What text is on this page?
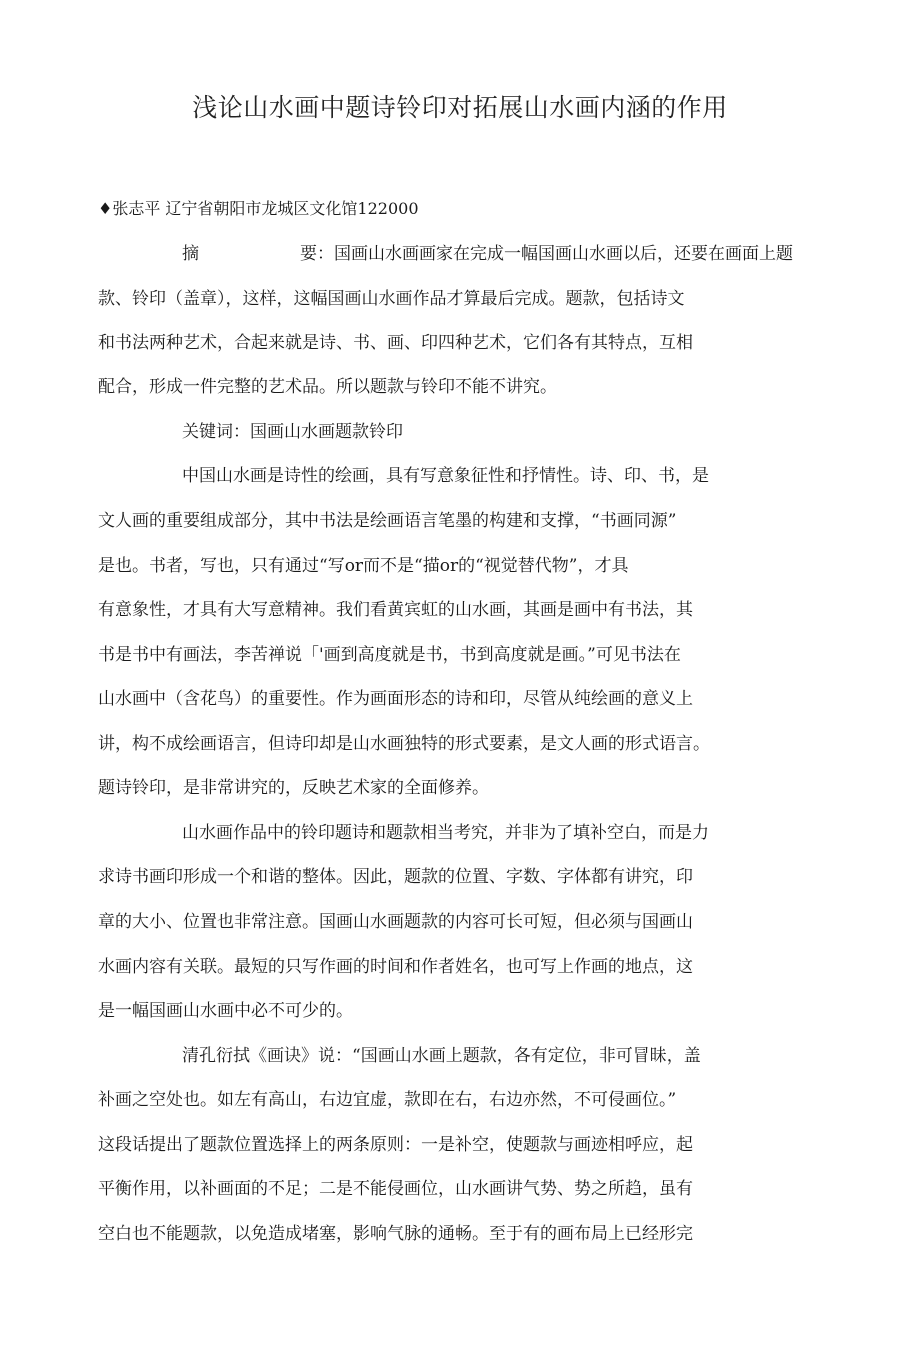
浅论山水画中题诗铃印对拓展山水画内涵的作用
♦张志平 辽宁省朝阳市龙城区文化馆122000
摘	要：国画山水画画家在完成一幅国画山水画以后，还要在画面上题
款、铃印（盖章），这样，这幅国画山水画作品才算最后完成。题款，包括诗文
和书法两种艺术，合起来就是诗、书、画、印四种艺术，它们各有其特点，互相
配合，形成一件完整的艺术品。所以题款与铃印不能不讲究。
关键词：国画山水画题款铃印
中国山水画是诗性的绘画，具有写意象征性和抒情性。诗、印、书，是
文人画的重要组成部分，其中书法是绘画语言笔墨的构建和支撑，“书画同源”
是也。书者，写也，只有通过“写or而不是“描or的“视觉替代物”，才具
有意象性，才具有大写意精神。我们看黄宾虹的山水画，其画是画中有书法，其
书是书中有画法，李苦禅说「'画到高度就是书，书到高度就是画。”可见书法在
山水画中（含花鸟）的重要性。作为画面形态的诗和印，尽管从纯绘画的意义上
讲，构不成绘画语言，但诗印却是山水画独特的形式要素，是文人画的形式语言。
题诗铃印，是非常讲究的，反映艺术家的全面修养。
山水画作品中的铃印题诗和题款相当考究，并非为了填补空白，而是力
求诗书画印形成一个和谐的整体。因此，题款的位置、字数、字体都有讲究，印
章的大小、位置也非常注意。国画山水画题款的内容可长可短，但必须与国画山
水画内容有关联。最短的只写作画的时间和作者姓名，也可写上作画的地点，这
是一幅国画山水画中必不可少的。
清孔衍拭《画诀》说：“国画山水画上题款，各有定位，非可冒昧，盖
补画之空处也。如左有高山，右边宜虚，款即在右，右边亦然，不可侵画位。”
这段话提出了题款位置选择上的两条原则：一是补空，使题款与画迹相呼应，起
平衡作用，以补画面的不足；二是不能侵画位，山水画讲气势、势之所趋，虽有
空白也不能题款，以免造成堵塞，影响气脉的通畅。至于有的画布局上已经形完
